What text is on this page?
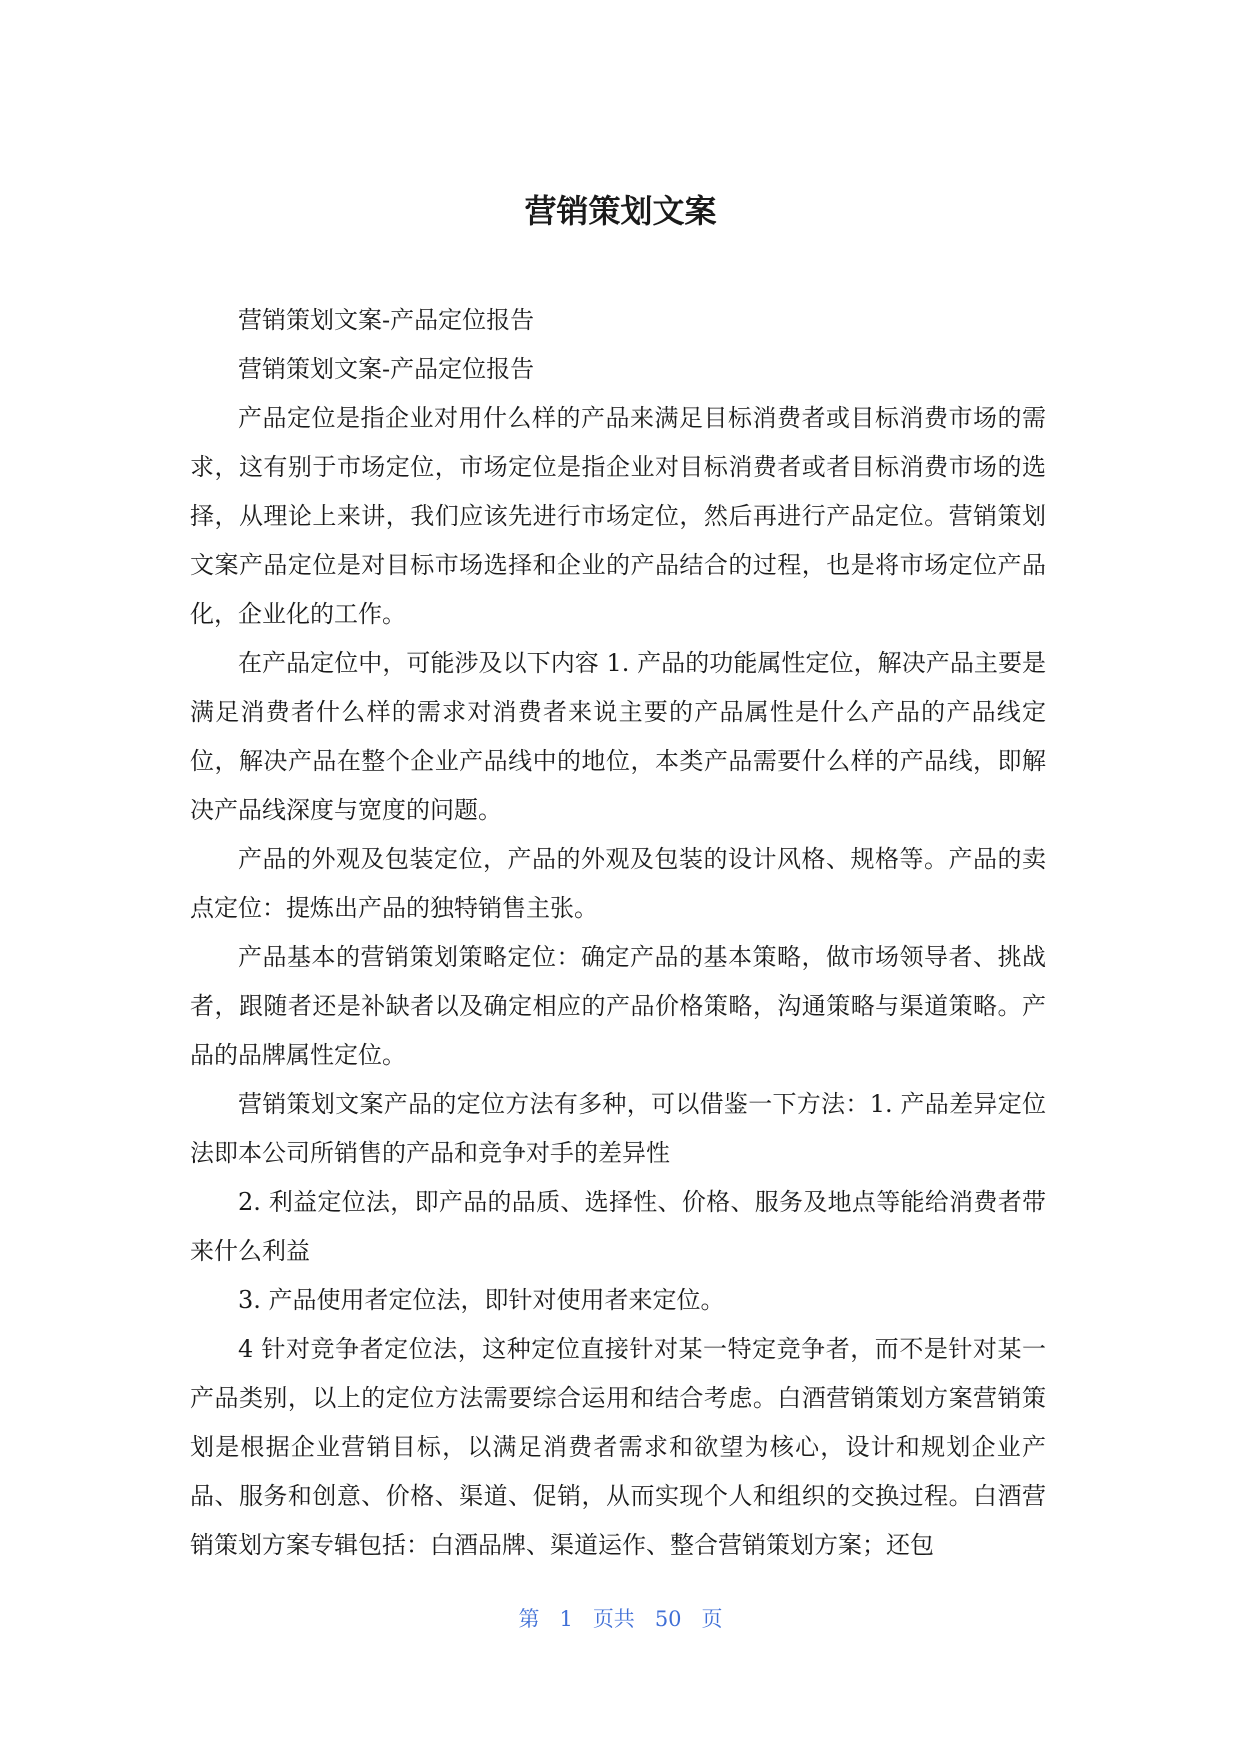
营销策划文案

营销策划文案-产品定位报告

营销策划文案-产品定位报告

产品定位是指企业对用什么样的产品来满足目标消费者或目标消费市场的需求，这有别于市场定位，市场定位是指企业对目标消费者或者目标消费市场的选择，从理论上来讲，我们应该先进行市场定位，然后再进行产品定位。营销策划文案产品定位是对目标市场选择和企业的产品结合的过程，也是将市场定位产品化，企业化的工作。

在产品定位中，可能涉及以下内容 1. 产品的功能属性定位，解决产品主要是满足消费者什么样的需求对消费者来说主要的产品属性是什么产品的产品线定位，解决产品在整个企业产品线中的地位，本类产品需要什么样的产品线，即解决产品线深度与宽度的问题。

产品的外观及包装定位，产品的外观及包装的设计风格、规格等。产品的卖点定位：提炼出产品的独特销售主张。

产品基本的营销策划策略定位：确定产品的基本策略，做市场领导者、挑战者，跟随者还是补缺者以及确定相应的产品价格策略，沟通策略与渠道策略。产品的品牌属性定位。

营销策划文案产品的定位方法有多种，可以借鉴一下方法：1. 产品差异定位法即本公司所销售的产品和竞争对手的差异性

2. 利益定位法，即产品的品质、选择性、价格、服务及地点等能给消费者带来什么利益

3. 产品使用者定位法，即针对使用者来定位。

4 针对竞争者定位法，这种定位直接针对某一特定竞争者，而不是针对某一产品类别，以上的定位方法需要综合运用和结合考虑。白酒营销策划方案营销策划是根据企业营销目标，以满足消费者需求和欲望为核心，设计和规划企业产品、服务和创意、价格、渠道、促销，从而实现个人和组织的交换过程。白酒营销策划方案专辑包括：白酒品牌、渠道运作、整合营销策划方案；还包

第 1 页共 50 页
